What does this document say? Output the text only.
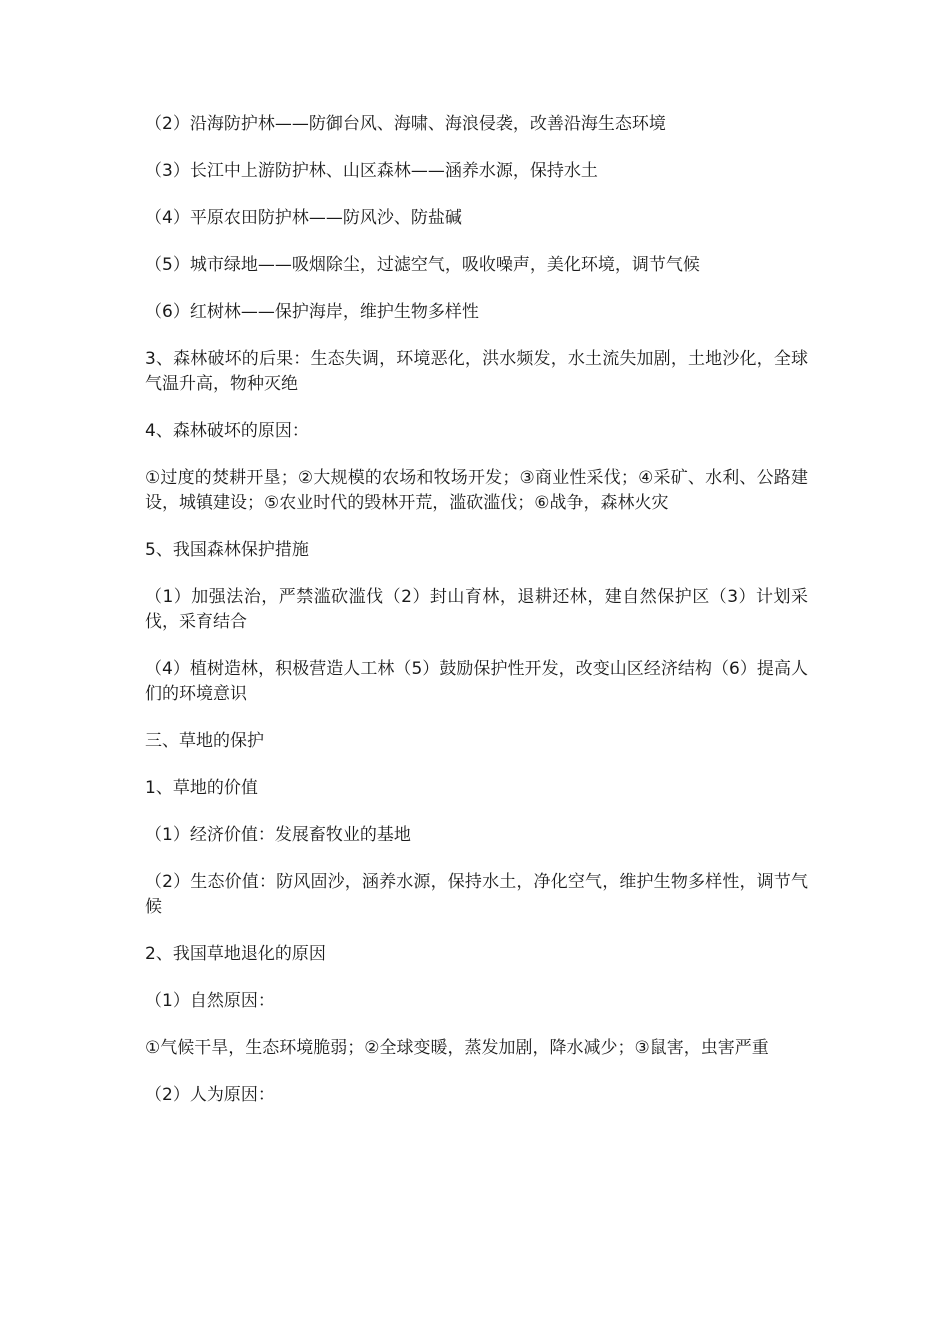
（2）沿海防护林——防御台风、海啸、海浪侵袭，改善沿海生态环境

（3）长江中上游防护林、山区森林——涵养水源，保持水土

（4）平原农田防护林——防风沙、防盐碱

（5）城市绿地——吸烟除尘，过滤空气，吸收噪声，美化环境，调节气候

（6）红树林——保护海岸，维护生物多样性

3、森林破坏的后果：生态失调，环境恶化，洪水频发，水土流失加剧，土地沙化，全球气温升高，物种灭绝

4、森林破坏的原因：

①过度的焚耕开垦；②大规模的农场和牧场开发；③商业性采伐；④采矿、水利、公路建设，城镇建设；⑤农业时代的毁林开荒，滥砍滥伐；⑥战争，森林火灾

5、我国森林保护措施

（1）加强法治，严禁滥砍滥伐（2）封山育林，退耕还林，建自然保护区（3）计划采伐，采育结合

（4）植树造林，积极营造人工林（5）鼓励保护性开发，改变山区经济结构（6）提高人们的环境意识

三、草地的保护

1、草地的价值

（1）经济价值：发展畜牧业的基地

（2）生态价值：防风固沙，涵养水源，保持水土，净化空气，维护生物多样性，调节气候

2、我国草地退化的原因

（1）自然原因：

①气候干旱，生态环境脆弱；②全球变暖，蒸发加剧，降水减少；③鼠害，虫害严重

（2）人为原因：
